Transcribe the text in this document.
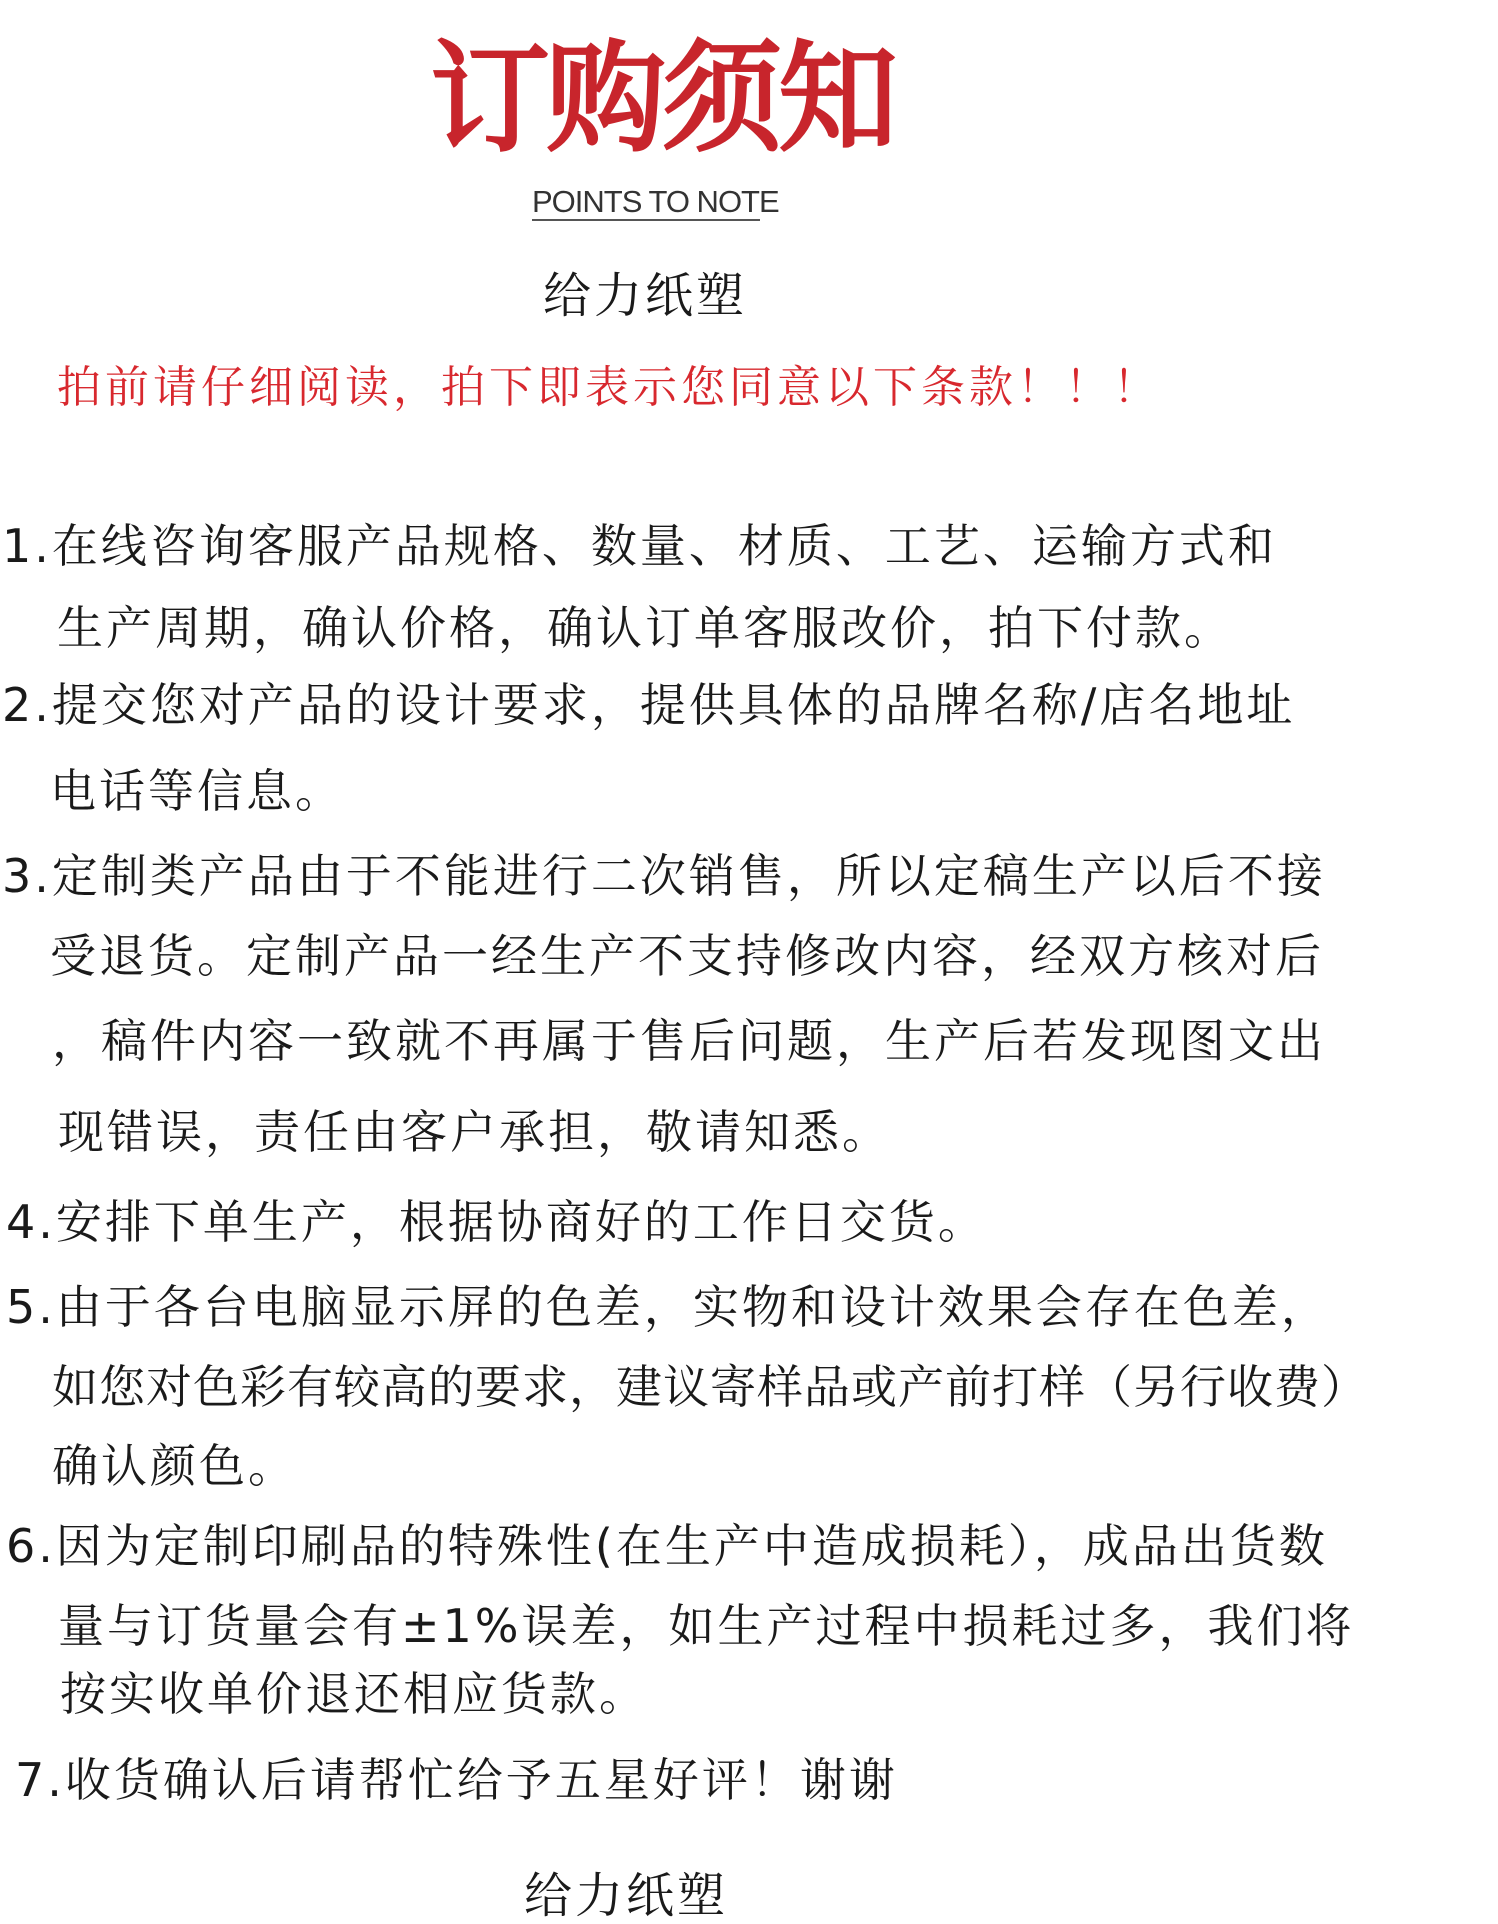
订购须知
POINTS TO NOTE
给力纸塑
拍前请仔细阅读，拍下即表示您同意以下条款！！！
1.在线咨询客服产品规格、数量、材质、工艺、运输方式和
生产周期，确认价格，确认订单客服改价，拍下付款。
2.提交您对产品的设计要求，提供具体的品牌名称/店名地址
电话等信息。
3.定制类产品由于不能进行二次销售，所以定稿生产以后不接
受退货。定制产品一经生产不支持修改内容，经双方核对后
，稿件内容一致就不再属于售后问题，生产后若发现图文出
现错误，责任由客户承担，敬请知悉。
4.安排下单生产，根据协商好的工作日交货。
5.由于各台电脑显示屏的色差，实物和设计效果会存在色差，
如您对色彩有较高的要求，建议寄样品或产前打样（另行收费）
确认颜色。
6.因为定制印刷品的特殊性(在生产中造成损耗），成品出货数
量与订货量会有±1%误差，如生产过程中损耗过多，我们将
按实收单价退还相应货款。
7.收货确认后请帮忙给予五星好评！谢谢
给力纸塑
